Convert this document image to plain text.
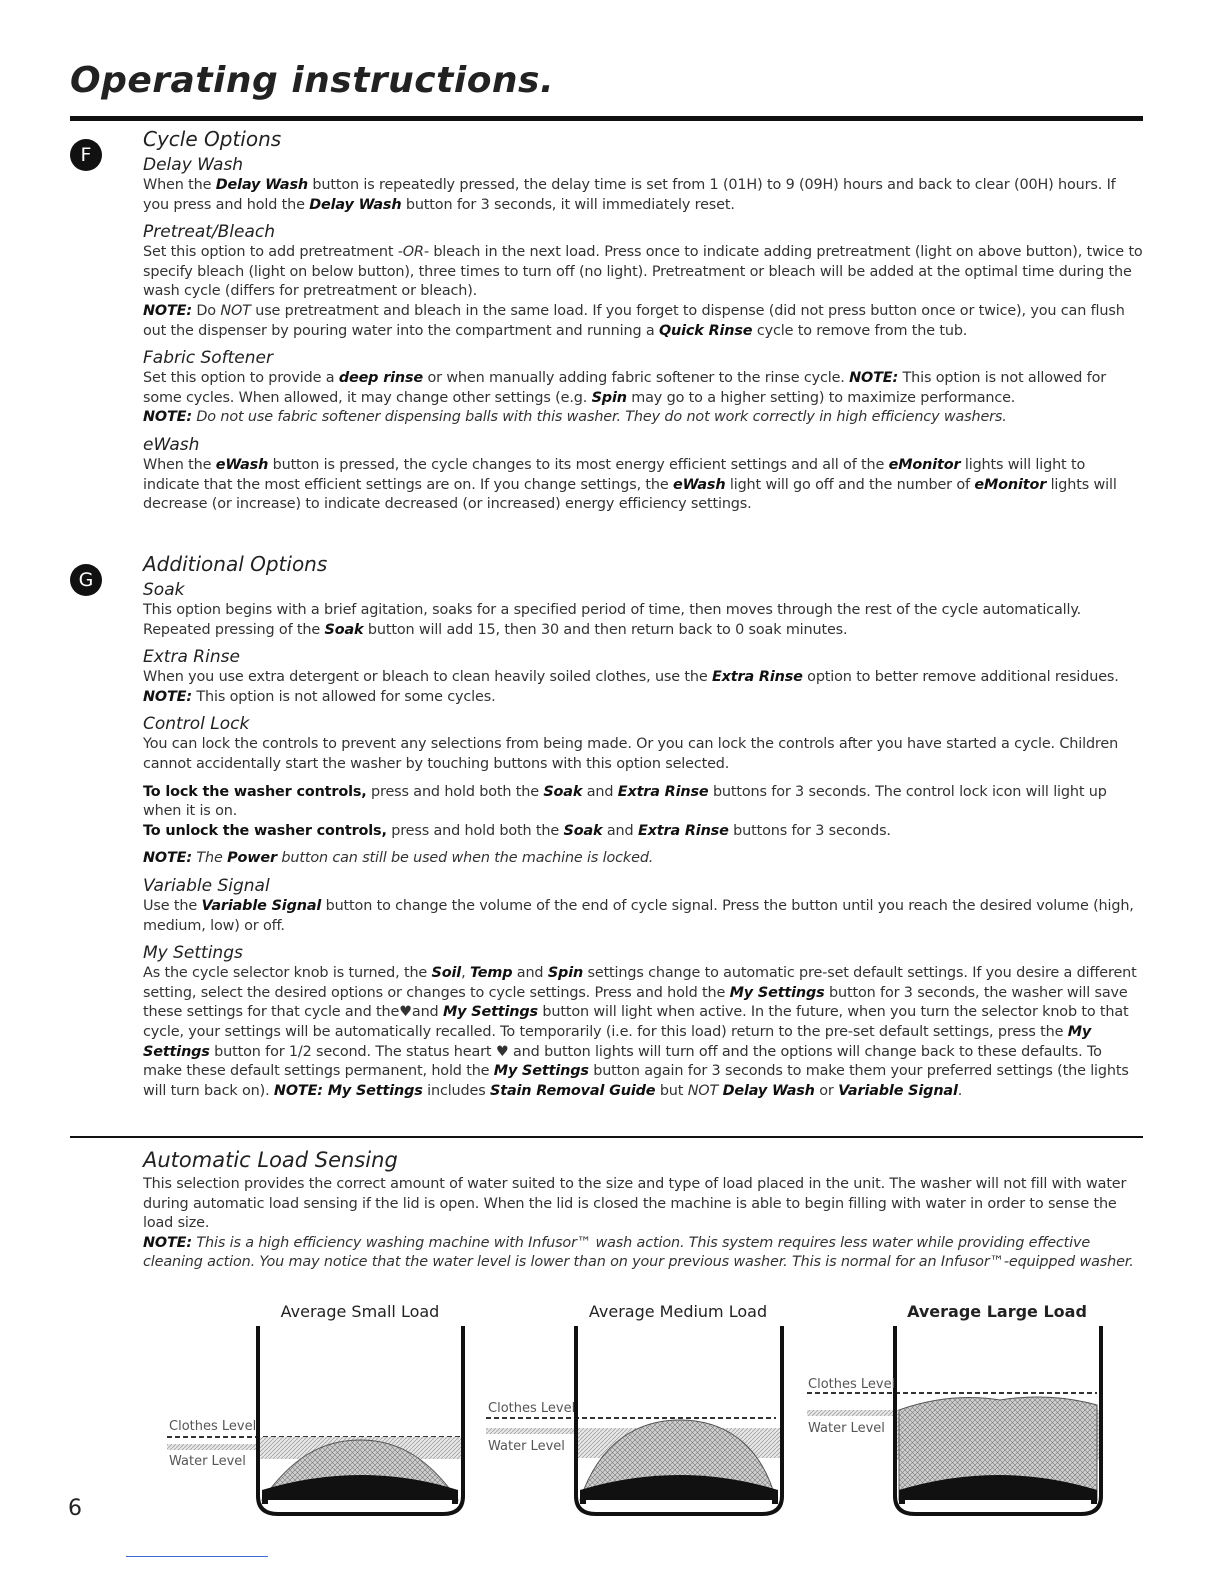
Operating instructions.
F
Cycle Options
Delay Wash

When the Delay Wash button is repeatedly pressed, the delay time is set from 1 (01H) to 9 (09H) hours and back to clear (00H) hours. If you press and hold the Delay Wash button for 3 seconds, it will immediately reset.

Pretreat/Bleach

Set this option to add pretreatment -OR- bleach in the next load. Press once to indicate adding pretreatment (light on above button), twice to specify bleach (light on below button), three times to turn off (no light). Pretreatment or bleach will be added at the optimal time during the wash cycle (differs for pretreatment or bleach).

NOTE: Do NOT use pretreatment and bleach in the same load. If you forget to dispense (did not press button once or twice), you can flush out the dispenser by pouring water into the compartment and running a Quick Rinse cycle to remove from the tub.

Fabric Softener

Set this option to provide a deep rinse or when manually adding fabric softener to the rinse cycle. NOTE: This option is not allowed for some cycles. When allowed, it may change other settings (e.g. Spin may go to a higher setting) to maximize performance.

NOTE: Do not use fabric softener dispensing balls with this washer. They do not work correctly in high efficiency washers.

eWash

When the eWash button is pressed, the cycle changes to its most energy efficient settings and all of the eMonitor lights will light to indicate that the most efficient settings are on. If you change settings, the eWash light will go off and the number of eMonitor lights will decrease (or increase) to indicate decreased (or increased) energy efficiency settings.

G
Additional Options
Soak

This option begins with a brief agitation, soaks for a specified period of time, then moves through the rest of the cycle automatically.

Repeated pressing of the Soak button will add 15, then 30 and then return back to 0 soak minutes.

Extra Rinse

When you use extra detergent or bleach to clean heavily soiled clothes, use the Extra Rinse option to better remove additional residues.

NOTE: This option is not allowed for some cycles.

Control Lock

You can lock the controls to prevent any selections from being made. Or you can lock the controls after you have started a cycle. Children cannot accidentally start the washer by touching buttons with this option selected.

To lock the washer controls, press and hold both the Soak and Extra Rinse buttons for 3 seconds. The control lock icon will light up when it is on.

To unlock the washer controls, press and hold both the Soak and Extra Rinse buttons for 3 seconds.

NOTE: The Power button can still be used when the machine is locked.

Variable Signal

Use the Variable Signal button to change the volume of the end of cycle signal. Press the button until you reach the desired volume (high, medium, low) or off.

My Settings

As the cycle selector knob is turned, the Soil, Temp and Spin settings change to automatic pre-set default settings. If you desire a different setting, select the desired options or changes to cycle settings. Press and hold the My Settings button for 3 seconds, the washer will save these settings for that cycle and the♥and My Settings button will light when active. In the future, when you turn the selector knob to that cycle, your settings will be automatically recalled. To temporarily (i.e. for this load) return to the pre-set default settings, press the My Settings button for 1/2 second. The status heart ♥ and button lights will turn off and the options will change back to these defaults. To make these default settings permanent, hold the My Settings button again for 3 seconds to make them your preferred settings (the lights will turn back on). NOTE: My Settings includes Stain Removal Guide but NOT Delay Wash or Variable Signal.

Automatic Load Sensing

This selection provides the correct amount of water suited to the size and type of load placed in the unit. The washer will not fill with water during automatic load sensing if the lid is open. When the lid is closed the machine is able to begin filling with water in order to sense the load size.

NOTE: This is a high efficiency washing machine with Infusor™ wash action. This system requires less water while providing effective cleaning action. You may notice that the water level is lower than on your previous washer. This is normal for an Infusor™-equipped washer.

Average Small Load	Average Medium Load	Average Large Load
Clothes Level
Water Level
Clothes Level
Water Level
Clothes Level
Water Level
6
